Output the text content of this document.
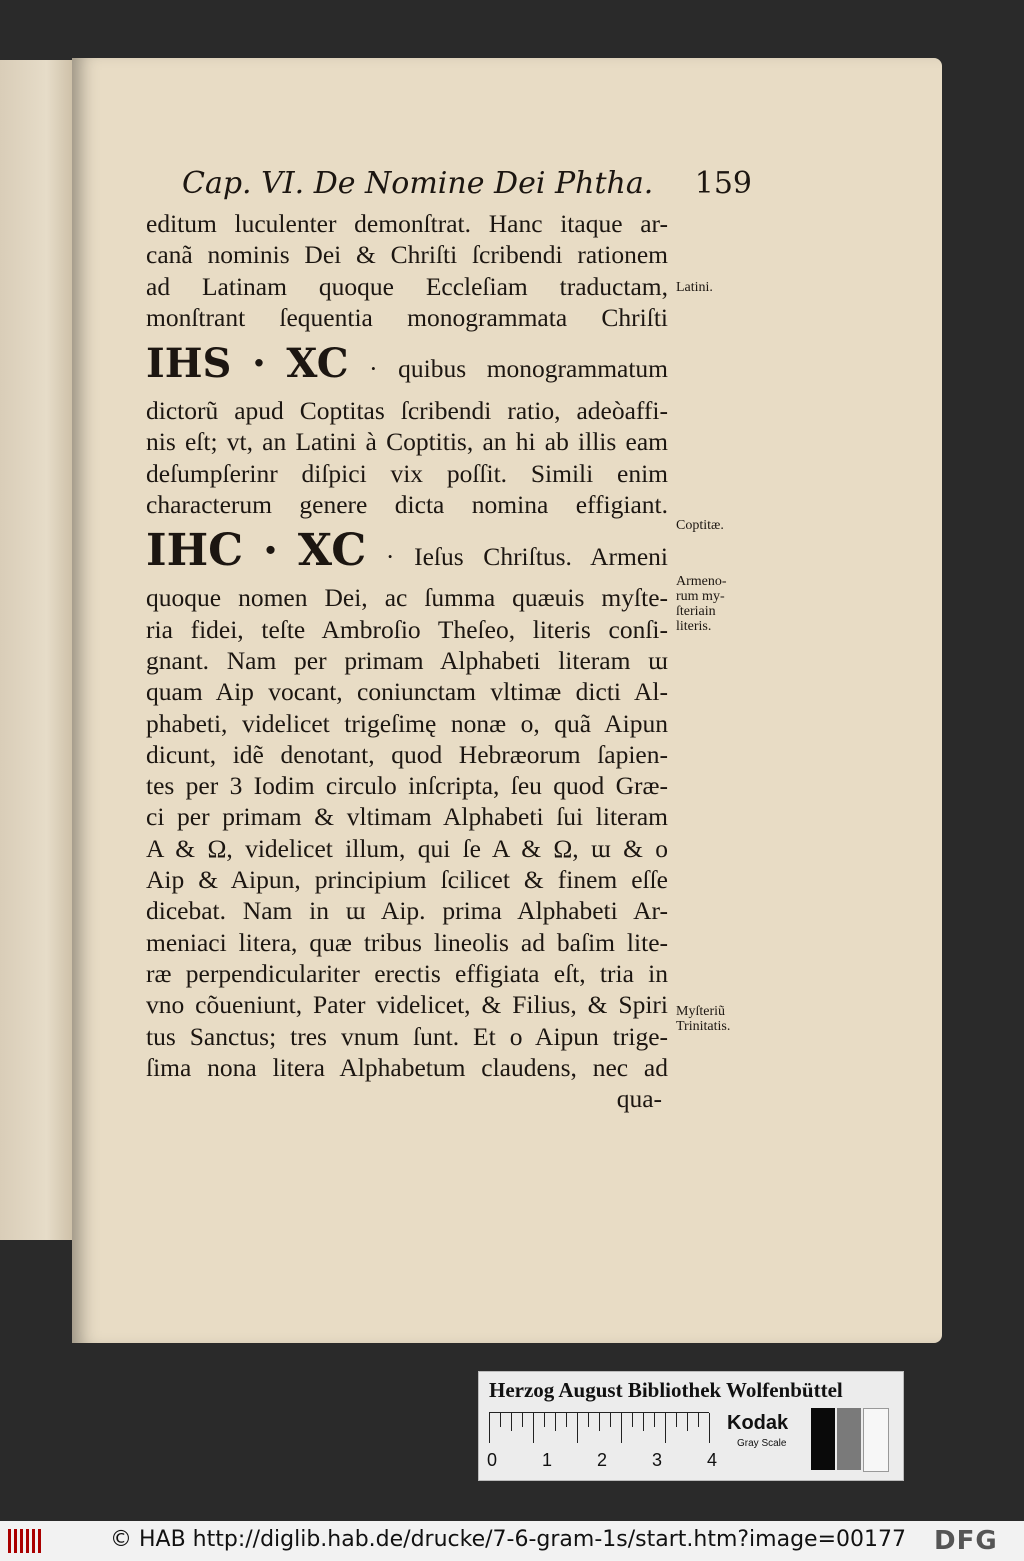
Cap. VI. De Nomine Dei Phtha. 159
editum luculenter demonſtrat. Hanc itaque ar-
canã nominis Dei & Chriſti ſcribendi rationem
ad Latinam quoque Eccleſiam traductam,
monſtrant ſequentia monogrammata Chriſti
IHS · XC · quibus monogrammatum
dictorũ apud Coptitas ſcribendi ratio, adeòaffi-
nis eſt; vt, an Latini à Coptitis, an hi ab illis eam
deſumpſerinr diſpici vix poſſit. Simili enim
characterum genere dicta nomina effigiant.
IHC · XC · Ieſus Chriſtus. Armeni
quoque nomen Dei, ac ſumma quæuis myſte-
ria fidei, teſte Ambroſio Theſeo, literis conſi-
gnant. Nam per primam Alphabeti literam ɯ
quam Aip vocant, coniunctam vltimæ dicti Al-
phabeti, videlicet trigeſimę nonæ o, quã Aipun
dicunt, idẽ denotant, quod Hebræorum ſapien-
tes per 3 Iodim circulo inſcripta, ſeu quod Græ-
ci per primam & vltimam Alphabeti ſui literam
A & Ω, videlicet illum, qui ſe A & Ω, ɯ & o
Aip & Aipun, principium ſcilicet & finem eſſe
dicebat. Nam in ɯ Aip. prima Alphabeti Ar-
meniaci litera, quæ tribus lineolis ad baſim lite-
ræ perpendiculariter erectis effigiata eſt, tria in
vno cõueniunt, Pater videlicet, & Filius, & Spiri
tus Sanctus; tres vnum ſunt. Et o Aipun trige-
ſima nona litera Alphabetum claudens, nec ad
qua-
Latini.
Coptitæ.
Armeno-
rum my-
ſteriain
literis.
Myſteriũ
Trinitatis.
Herzog August Bibliothek Wolfenbüttel
0 1 2 3 4
Kodak
Gray Scale
© HAB http://diglib.hab.de/drucke/7-6-gram-1s/start.htm?image=00177 DFG
